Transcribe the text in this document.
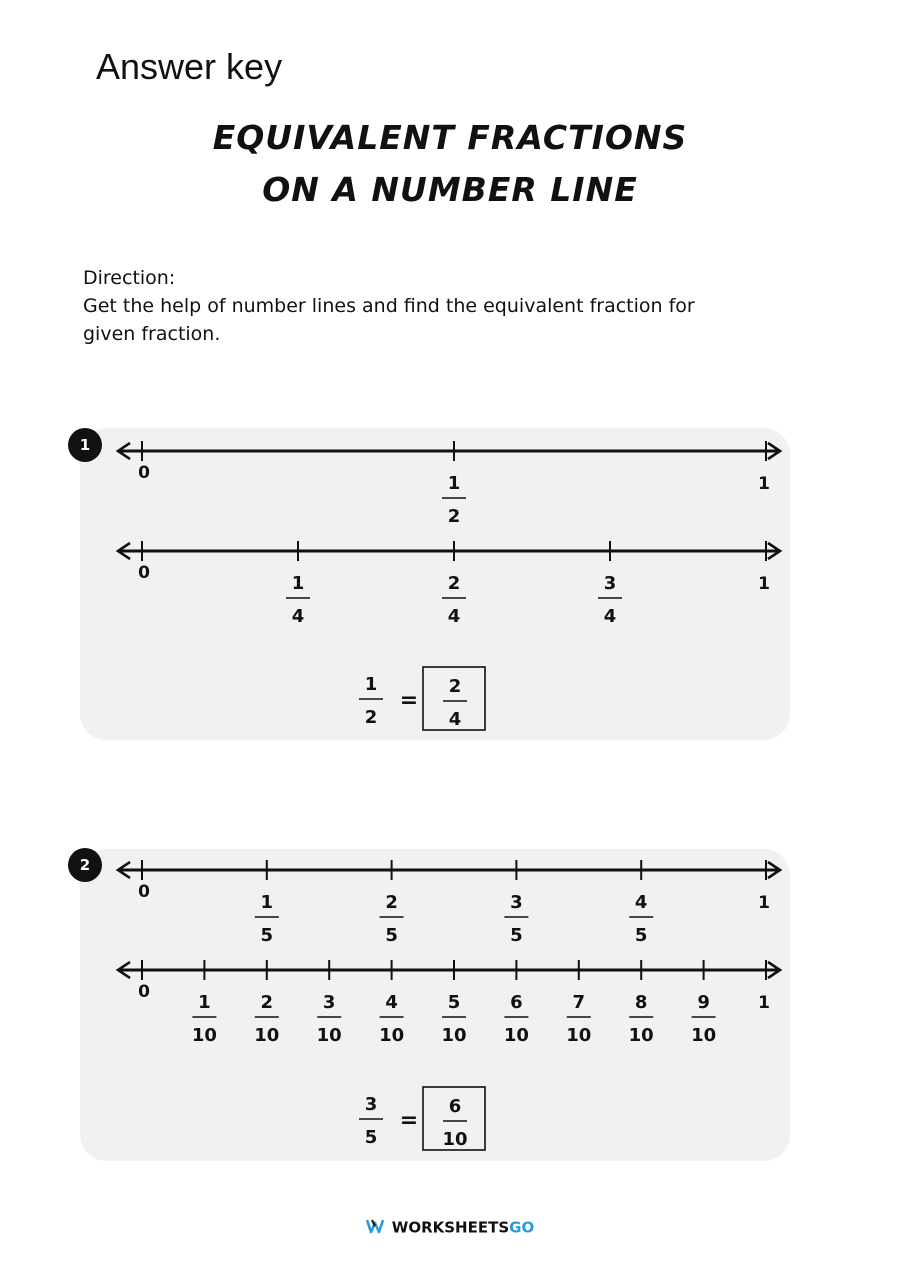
Answer key
EQUIVALENT FRACTIONS
ON A NUMBER LINE
Direction:
Get the help of number lines and find the equivalent fraction for
given fraction.
1
2
0
1
1
2
0
1
1
4
2
4
3
4
1
2
=
2
4
0
1
1
5
2
5
3
5
4
5
0
1
1
10
2
10
3
10
4
10
5
10
6
10
7
10
8
10
9
10
3
5
=
6
10
WORKSHEETSGO
